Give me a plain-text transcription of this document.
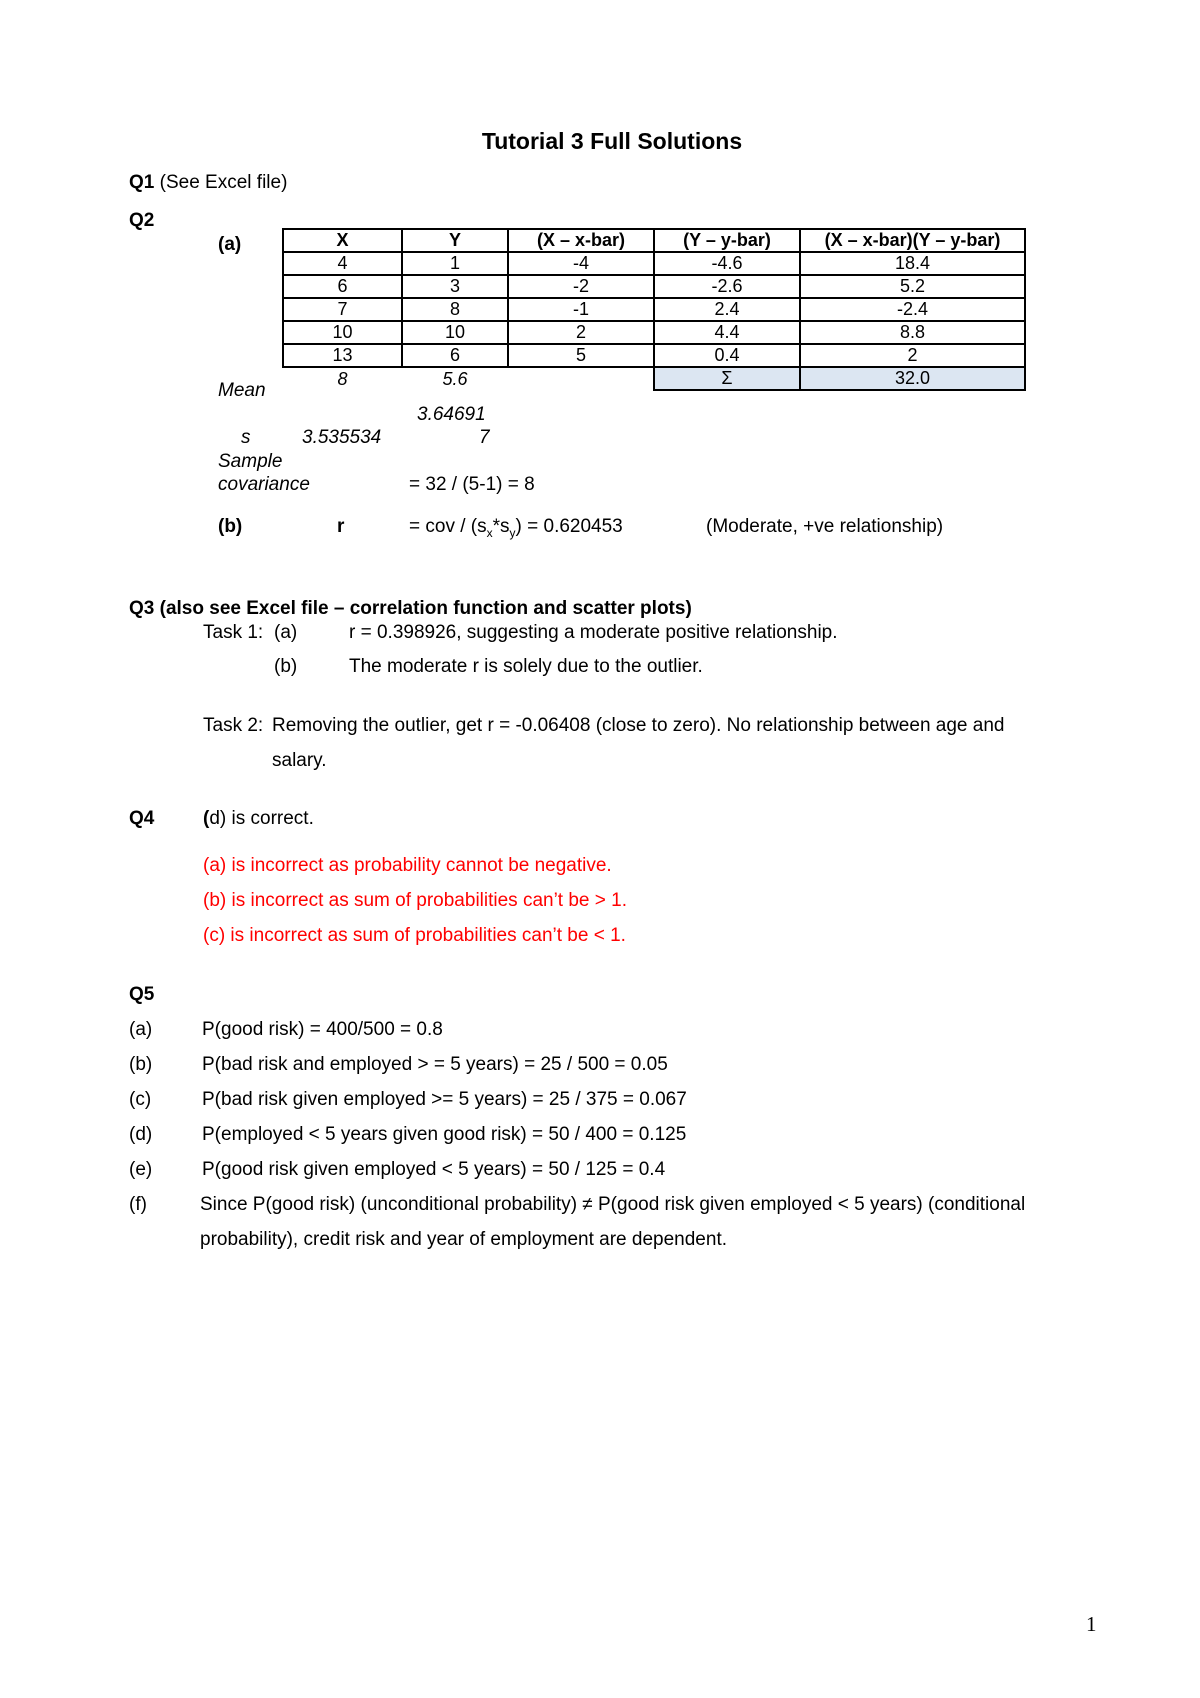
Tutorial 3 Full Solutions
Q1 (See Excel file)
Q2
(a)	X	Y	(X – x-bar)	(Y – y-bar)	(X – x-bar)(Y – y-bar)
4	1	-4	-4.6	18.4
6	3	-2	-2.6	5.2
7	8	-1	2.4	-2.4
10	10	2	4.4	8.8
13	6	5	0.4	2
8	5.6		Σ	32.0
Mean
3.64691
s	3.535534	7
Sample
covariance	= 32 / (5-1) = 8
(b)	r	= cov / $(s_x*s_y) = 0.620453$	(Moderate, +ve relationship)
Q3 (also see Excel file – correlation function and scatter plots)
Task 1: (a)	r = 0.398926, suggesting a moderate positive relationship.
(b)	The moderate r is solely due to the outlier.
Task 2: Removing the outlier, get r = -0.06408 (close to zero). No relationship between age and
salary.
Q4	(d) is correct.
(a) is incorrect as probability cannot be negative.
(b) is incorrect as sum of probabilities can’t be > 1.
(c) is incorrect as sum of probabilities can’t be < 1.
Q5
(a)	P(good risk) = 400/500 = 0.8
(b)	P(bad risk and employed > = 5 years) = 25 / 500 = 0.05
(c)	P(bad risk given employed >= 5 years) = 25 / 375 = 0.067
(d)	P(employed < 5 years given good risk) = 50 / 400 = 0.125
(e)	P(good risk given employed < 5 years) = 50 / 125 = 0.4
(f)	Since P(good risk) (unconditional probability) ≠ P(good risk given employed < 5 years) (conditional
probability), credit risk and year of employment are dependent.
1
